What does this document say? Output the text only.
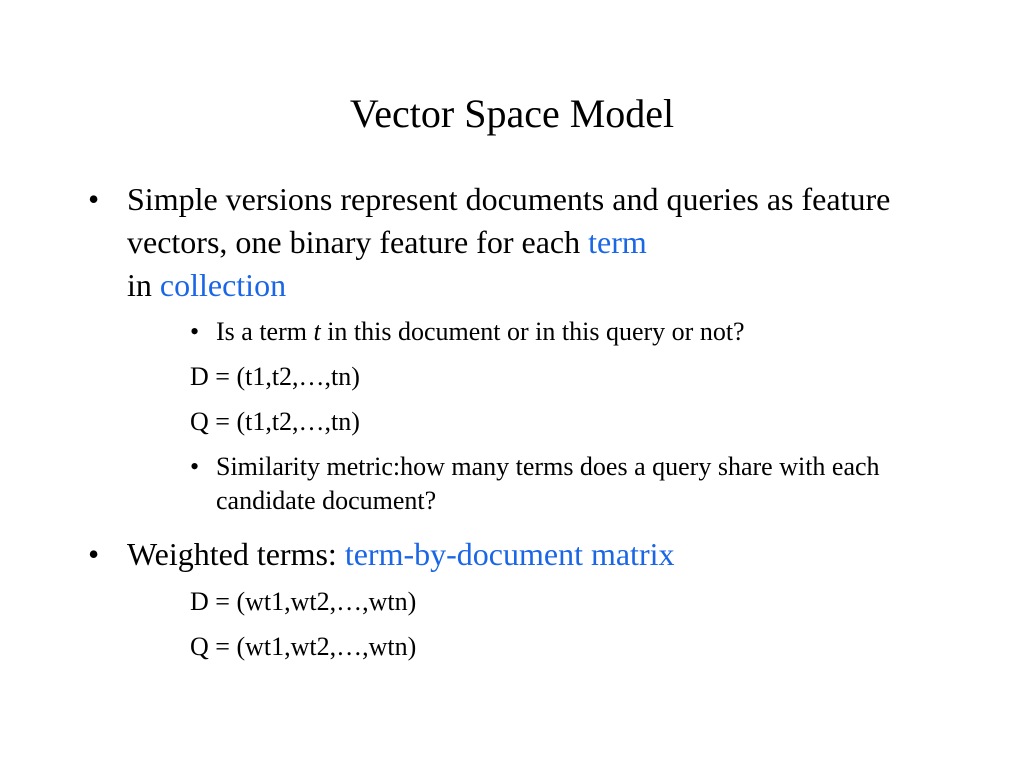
Vector Space Model
• Simple versions represent documents and queries as feature vectors, one binary feature for each term
in collection
• Is a term t in this document or in this query or not?
D = (t1,t2,…,tn)
Q = (t1,t2,…,tn)
• Similarity metric:how many terms does a query share with each candidate document?
• Weighted terms: term-by-document matrix
D = (wt1,wt2,…,wtn)
Q = (wt1,wt2,…,wtn)
